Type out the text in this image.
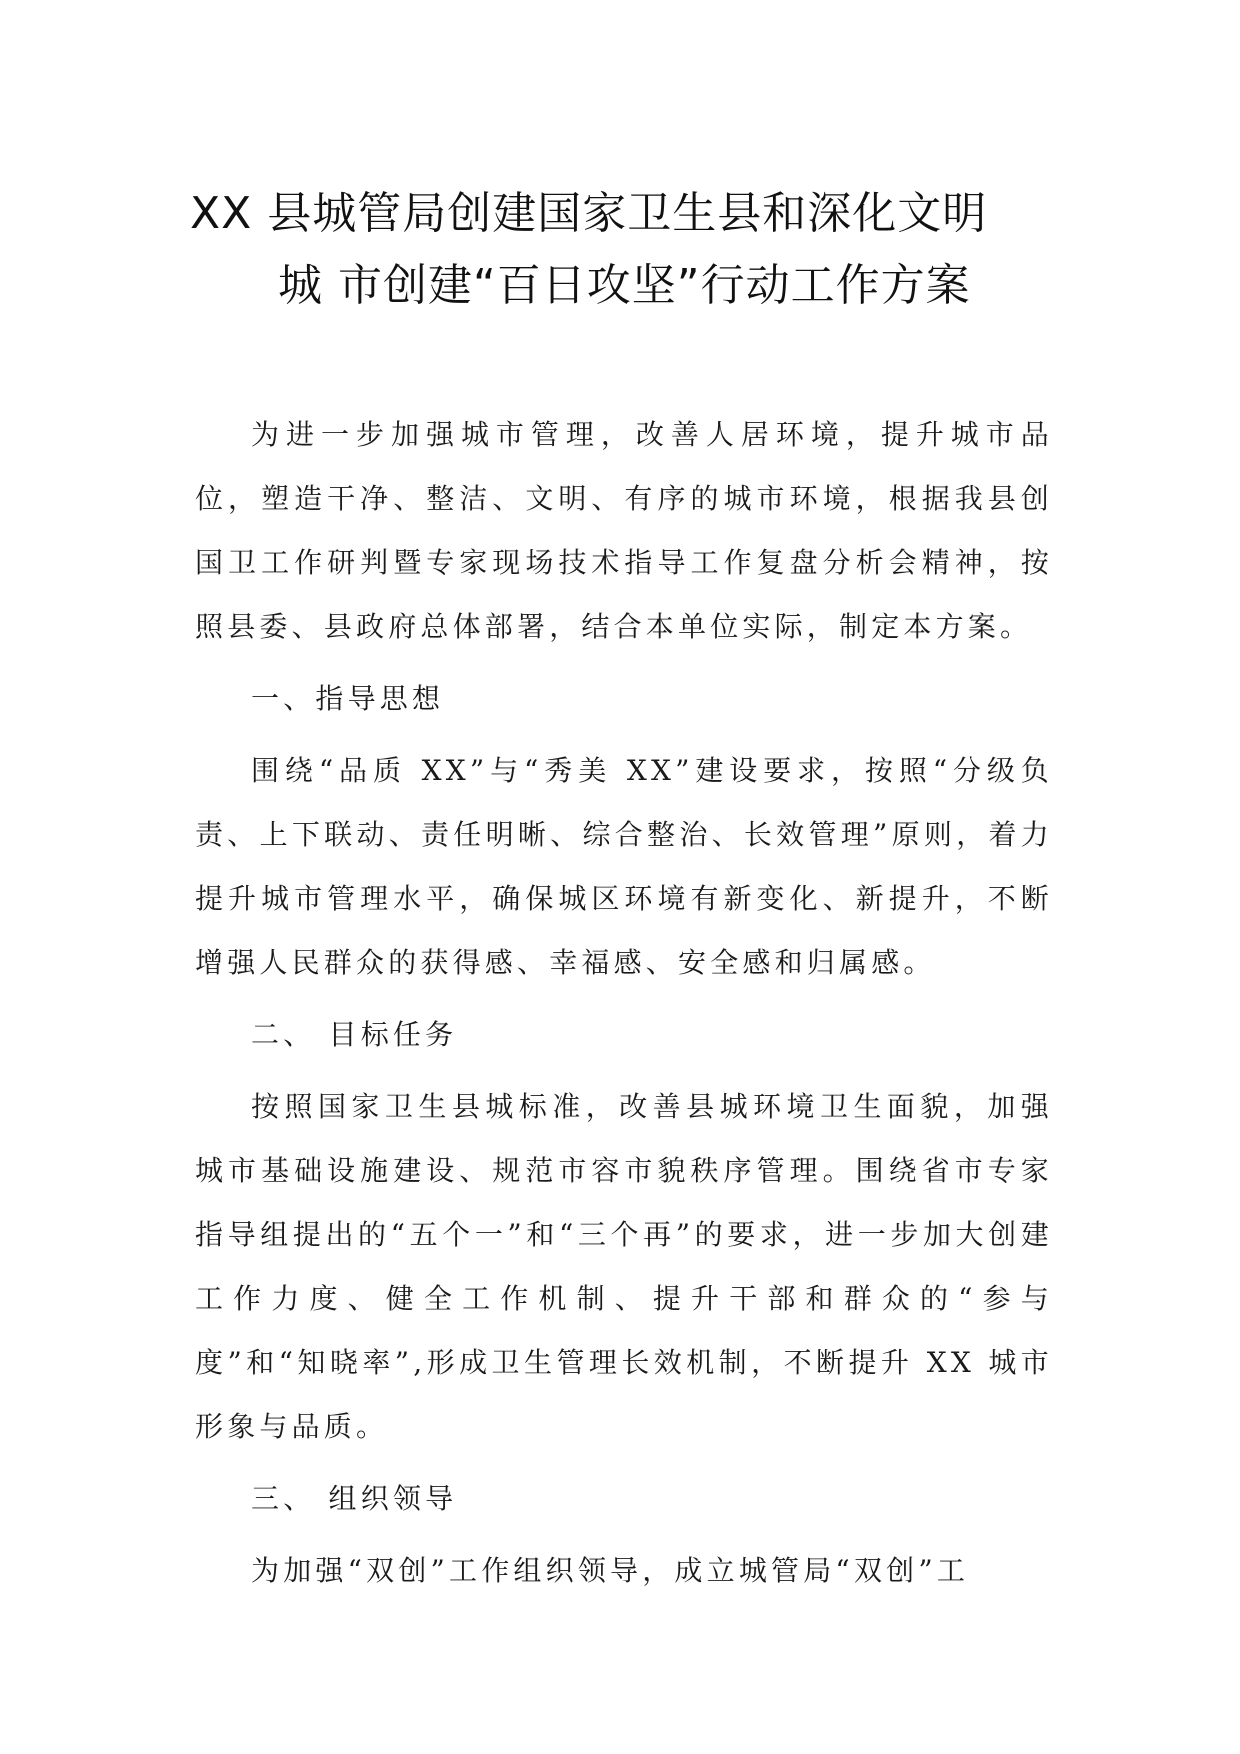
XX 县城管局创建国家卫生县和深化文明
城 市创建“百日攻坚”行动工作方案

为进一步加强城市管理，改善人居环境，提升城市品位，塑造干净、整洁、文明、有序的城市环境，根据我县创国卫工作研判暨专家现场技术指导工作复盘分析会精神，按照县委、县政府总体部署，结合本单位实际，制定本方案。

一、指导思想

围绕“品质 XX”与“秀美 XX”建设要求，按照“分级负责、上下联动、责任明晰、综合整治、长效管理”原则，着力提升城市管理水平，确保城区环境有新变化、新提升，不断增强人民群众的获得感、幸福感、安全感和归属感。

二、 目标任务

按照国家卫生县城标准，改善县城环境卫生面貌，加强城市基础设施建设、规范市容市貌秩序管理。围绕省市专家指导组提出的“五个一”和“三个再”的要求，进一步加大创建工作力度、健全工作机制、提升干部和群众的“参与度”和“知晓率”,形成卫生管理长效机制，不断提升 XX 城市形象与品质。

三、 组织领导

为加强“双创”工作组织领导，成立城管局“双创”工
